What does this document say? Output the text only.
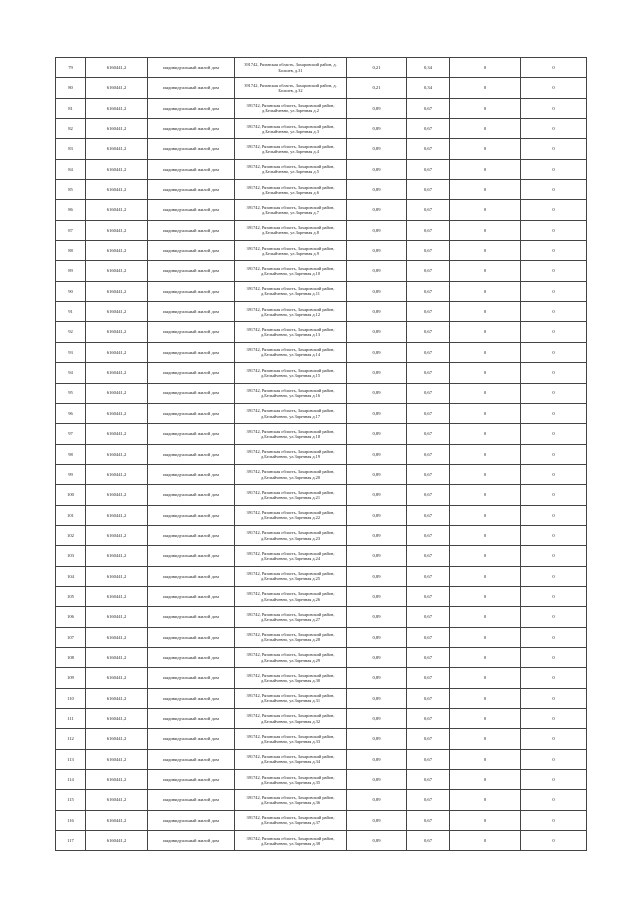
79	6160441,2	индивидуальный жилой дом	391742, Рязанская область, Захаровский район, д. Болшев, д.31	0,21	0,34	0	0
80	6160441,2	индивидуальный жилой дом	391742, Рязанская область, Захаровский район, д. Болшев, д.32	0,21	0,34	0	0
81	6160441,2	индивидуальный жилой дом	391742, Рязанская область, Захаровский район, д.Белыйчевно, ул.Заречная д.2	0,89	0,67	0	0
82	6160441,2	индивидуальный жилой дом	391742, Рязанская область, Захаровский район, д.Белыйчевно, ул.Заречная д.3	0,89	0,67	0	0
83	6160441,2	индивидуальный жилой дом	391742, Рязанская область, Захаровский район, д.Белыйчевно, ул.Заречная д.4	0,89	0,67	0	0
84	6160441,2	индивидуальный жилой дом	391742, Рязанская область, Захаровский район, д.Белыйчевно, ул.Заречная д.5	0,89	0,67	0	0
85	6160441,2	индивидуальный жилой дом	391742, Рязанская область, Захаровский район, д.Белыйчевно, ул.Заречная д.6	0,89	0,67	0	0
86	6160441,2	индивидуальный жилой дом	391742, Рязанская область, Захаровский район, д.Белыйчевно, ул.Заречная д.7	0,89	0,67	0	0
87	6160441,2	индивидуальный жилой дом	391742, Рязанская область, Захаровский район, д.Белыйчевно, ул.Заречная д.8	0,89	0,67	0	0
88	6160441,2	индивидуальный жилой дом	391742, Рязанская область, Захаровский район, д.Белыйчевно, ул.Заречная д.9	0,89	0,67	0	0
89	6160441,2	индивидуальный жилой дом	391742, Рязанская область, Захаровский район, д.Белыйчевно, ул.Заречная д.10	0,89	0,67	0	0
90	6160441,2	индивидуальный жилой дом	391742, Рязанская область, Захаровский район, д.Белыйчевно, ул.Заречная д.11	0,89	0,67	0	0
91	6160441,2	индивидуальный жилой дом	391742, Рязанская область, Захаровский район, д.Белыйчевно, ул.Заречная д.12	0,89	0,67	0	0
92	6160441,2	индивидуальный жилой дом	391742, Рязанская область, Захаровский район, д.Белыйчевно, ул.Заречная д.13	0,89	0,67	0	0
93	6160441,2	индивидуальный жилой дом	391742, Рязанская область, Захаровский район, д.Белыйчевно, ул.Заречная д.14	0,89	0,67	0	0
94	6160441,2	индивидуальный жилой дом	391742, Рязанская область, Захаровский район, д.Белыйчевно, ул.Заречная д.15	0,89	0,67	0	0
95	6160441,2	индивидуальный жилой дом	391742, Рязанская область, Захаровский район, д.Белыйчевно, ул.Заречная д.16	0,89	0,67	0	0
96	6160441,2	индивидуальный жилой дом	391742, Рязанская область, Захаровский район, д.Белыйчевно, ул.Заречная д.17	0,89	0,67	0	0
97	6160441,2	индивидуальный жилой дом	391742, Рязанская область, Захаровский район, д.Белыйчевно, ул.Заречная д.18	0,89	0,67	0	0
98	6160441,2	индивидуальный жилой дом	391742, Рязанская область, Захаровский район, д.Белыйчевно, ул.Заречная д.19	0,89	0,67	0	0
99	6160441,2	индивидуальный жилой дом	391742, Рязанская область, Захаровский район, д.Белыйчевно, ул.Заречная д.20	0,89	0,67	0	0
100	6160441,2	индивидуальный жилой дом	391742, Рязанская область, Захаровский район, д.Белыйчевно, ул.Заречная д.21	0,89	0,67	0	0
101	6160441,2	индивидуальный жилой дом	391742, Рязанская область, Захаровский район, д.Белыйчевно, ул.Заречная д.22	0,89	0,67	0	0
102	6160441,2	индивидуальный жилой дом	391742, Рязанская область, Захаровский район, д.Белыйчевно, ул.Заречная д.23	0,89	0,67	0	0
103	6160441,2	индивидуальный жилой дом	391742, Рязанская область, Захаровский район, д.Белыйчевно, ул.Заречная д.24	0,89	0,67	0	0
104	6160441,2	индивидуальный жилой дом	391742, Рязанская область, Захаровский район, д.Белыйчевно, ул.Заречная д.25	0,89	0,67	0	0
105	6160441,2	индивидуальный жилой дом	391742, Рязанская область, Захаровский район, д.Белыйчевно, ул.Заречная д.26	0,89	0,67	0	0
106	6160441,2	индивидуальный жилой дом	391742, Рязанская область, Захаровский район, д.Белыйчевно, ул.Заречная д.27	0,89	0,67	0	0
107	6160441,2	индивидуальный жилой дом	391742, Рязанская область, Захаровский район, д.Белыйчевно, ул.Заречная д.28	0,89	0,67	0	0
108	6160441,2	индивидуальный жилой дом	391742, Рязанская область, Захаровский район, д.Белыйчевно, ул.Заречная д.29	0,89	0,67	0	0
109	6160441,2	индивидуальный жилой дом	391742, Рязанская область, Захаровский район, д.Белыйчевно, ул.Заречная д.30	0,89	0,67	0	0
110	6160441,2	индивидуальный жилой дом	391742, Рязанская область, Захаровский район, д.Белыйчевно, ул.Заречная д.31	0,89	0,67	0	0
111	6160441,2	индивидуальный жилой дом	391742, Рязанская область, Захаровский район, д.Белыйчевно, ул.Заречная д.32	0,89	0,67	0	0
112	6160441,2	индивидуальный жилой дом	391742, Рязанская область, Захаровский район, д.Белыйчевно, ул.Заречная д.33	0,89	0,67	0	0
113	6160441,2	индивидуальный жилой дом	391742, Рязанская область, Захаровский район, д.Белыйчевно, ул.Заречная д.34	0,89	0,67	0	0
114	6160441,2	индивидуальный жилой дом	391742, Рязанская область, Захаровский район, д.Белыйчевно, ул.Заречная д.35	0,89	0,67	0	0
115	6160441,2	индивидуальный жилой дом	391742, Рязанская область, Захаровский район, д.Белыйчевно, ул.Заречная д.36	0,89	0,67	0	0
116	6160441,2	индивидуальный жилой дом	391742, Рязанская область, Захаровский район, д.Белыйчевно, ул.Заречная д.37	0,89	0,67	0	0
117	6160441,2	индивидуальный жилой дом	391742, Рязанская область, Захаровский район, д.Белыйчевно, ул.Заречная д.38	0,89	0,67	0	0
